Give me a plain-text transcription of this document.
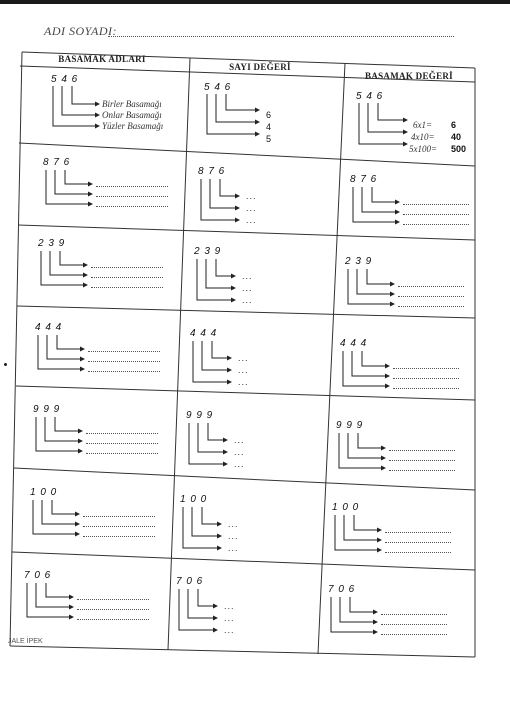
ADI SOYADI:
BASAMAK ADLARI
SAYI DEĞERİ
BASAMAK DEĞERİ
5 4 6
Birler Basamağı
Onlar Basamağı
Yüzler Basamağı
5 4 6
6
4
5
5 4 6
6x1= 6
4x10= 40
5x100= 500
8 7 6
8 7 6
...
...
...
8 7 6
2 3 9
2 3 9
...
...
...
2 3 9
4 4 4
4 4 4
...
...
...
4 4 4
9 9 9
9 9 9
...
...
...
9 9 9
1 0 0
1 0 0
...
...
...
1 0 0
7 0 6
7 0 6
...
...
...
7 0 6
JALE İPEK
